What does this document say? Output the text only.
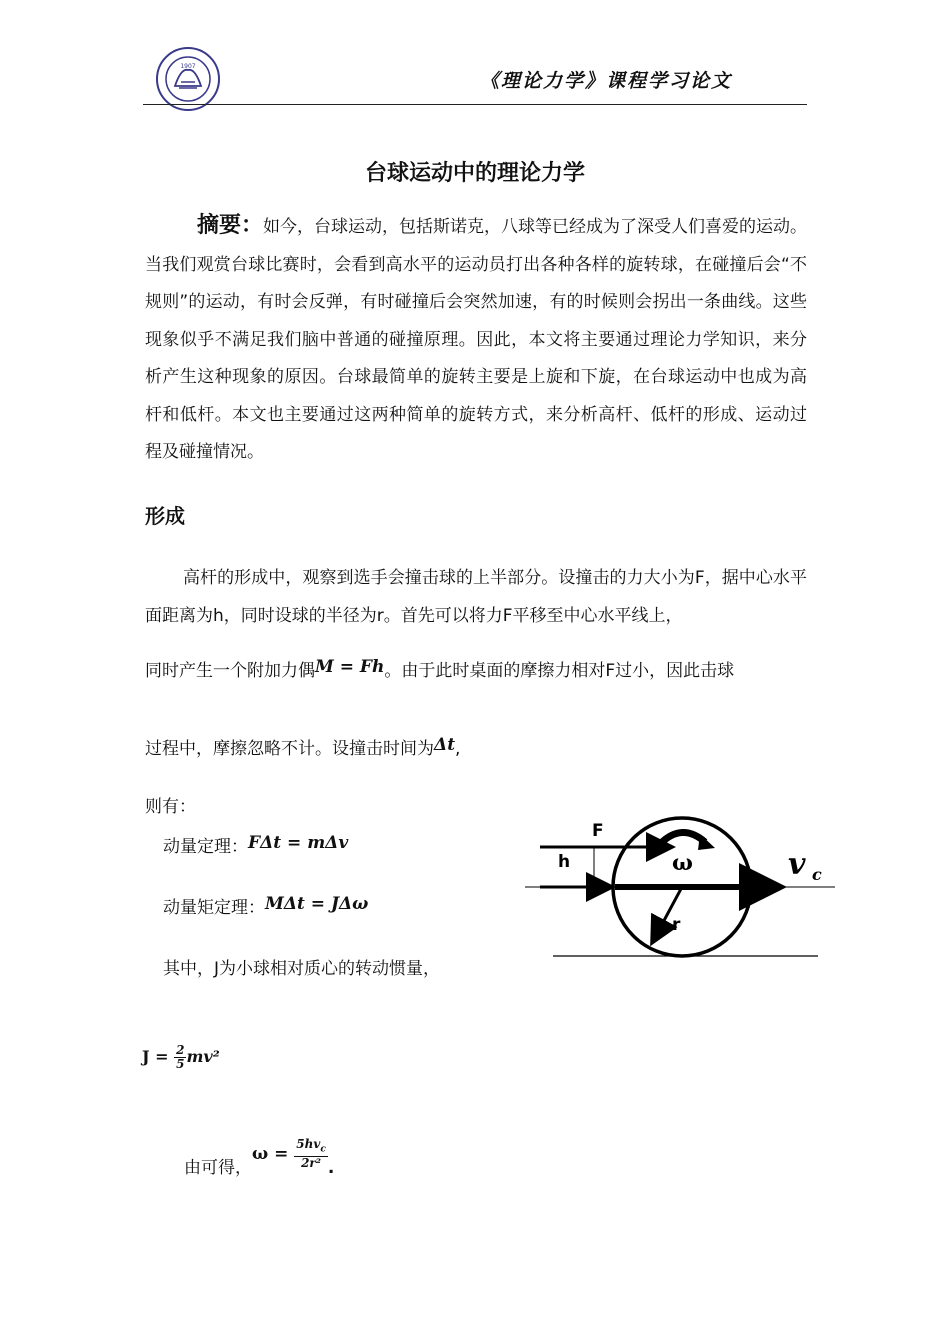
1907
《理论力学》课程学习论文
台球运动中的理论力学
摘要：如今，台球运动，包括斯诺克，八球等已经成为了深受人们喜爱的运动。当我们观赏台球比赛时，会看到高水平的运动员打出各种各样的旋转球，在碰撞后会“不规则”的运动，有时会反弹，有时碰撞后会突然加速，有的时候则会拐出一条曲线。这些现象似乎不满足我们脑中普通的碰撞原理。因此，本文将主要通过理论力学知识，来分析产生这种现象的原因。台球最简单的旋转主要是上旋和下旋，在台球运动中也成为高杆和低杆。本文也主要通过这两种简单的旋转方式，来分析高杆、低杆的形成、运动过程及碰撞情况。
形成
高杆的形成中，观察到选手会撞击球的上半部分。设撞击的力大小为F，据中心水平面距离为h，同时设球的半径为r。首先可以将力F平移至中心水平线上，
同时产生一个附加力偶M = Fh。由于此时桌面的摩擦力相对F过小，因此击球
过程中，摩擦忽略不计。设撞击时间为Δt,
则有：
动量定理：FΔt = mΔv
动量矩定理：MΔt = JΔω
其中，J为小球相对质心的转动惯量，
$J = \frac{2}{5} mv^2$
由可得，$\omega = \frac{5hv_c}{\text{2r²}}$ .
F
h	ω	v c
r
